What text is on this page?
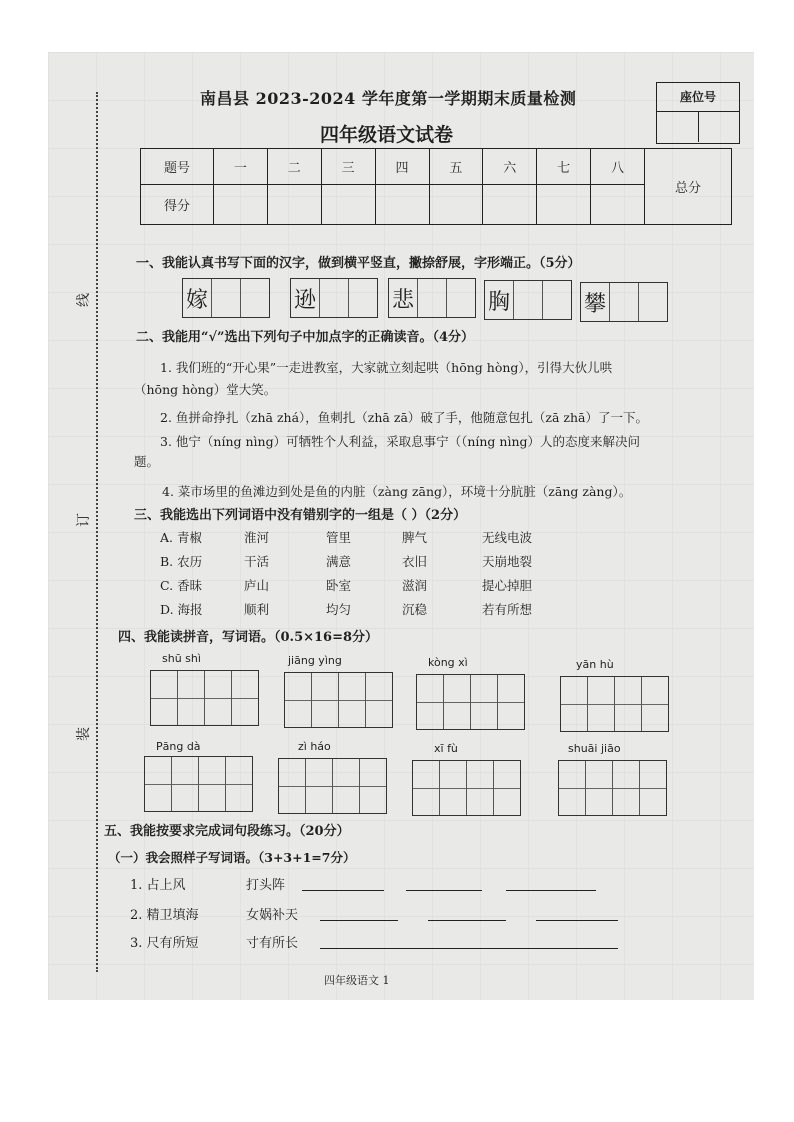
线
订
装
南昌县 2023-2024 学年度第一学期期末质量检测
四年级语文试卷
座位号
题号	一	二	三	四	五	六	七	八	总分
得分									
一、我能认真书写下面的汉字，做到横平竖直，撇捺舒展，字形端正。（5分）
嫁	逊	悲	胸	攀
二、我能用“√”选出下列句子中加点字的正确读音。（4分）
1. 我们班的“开心果”一走进教室，大家就立刻起哄（hōng hòng），引得大伙儿哄
（hōng hòng）堂大笑。
2. 鱼拼命挣扎（zhā zhá），鱼刺扎（zhā zā）破了手，他随意包扎（zā zhā）了一下。
3. 他宁（níng nìng）可牺牲个人利益，采取息事宁（（níng nìng）人的态度来解决问
题。
4. 菜市场里的鱼滩边到处是鱼的内脏（zàng zāng），环境十分肮脏（zāng zàng）。
三、我能选出下列词语中没有错别字的一组是（ ）（2分）
A. 青椒	淮河	管里	脾气	无线电波
B. 农历	干活	满意	衣旧	天崩地裂
C. 香昧	庐山	卧室	滋润	提心掉胆
D. 海报	顺利	均匀	沉稳	若有所想
四、我能读拼音，写词语。（0.5×16=8分）
shū shì	jiāng yìng	kòng xì	yān hù
Pāng dà	zì háo	xī fù	shuāi jiāo
五、我能按要求完成词句段练习。（20分）
（一）我会照样子写词语。（3+3+1=7分）
1. 占上风	打头阵
2. 精卫填海	女娲补天
3. 尺有所短	寸有所长
四年级语文 1
